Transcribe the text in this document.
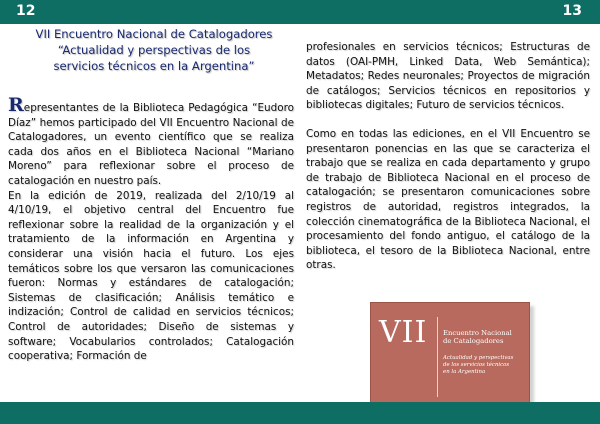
12	13
VII Encuentro Nacional de Catalogadores
“Actualidad y perspectivas de los
servicios técnicos en la Argentina”

Representantes de la Biblioteca Pedagógica “Eudoro Díaz” hemos participado del VII Encuentro Nacional de Catalogadores, un evento científico que se realiza cada dos años en el Biblioteca Nacional “Mariano Moreno” para reflexionar sobre el proceso de catalogación en nuestro país.

En la edición de 2019, realizada del 2/10/19 al 4/10/19, el objetivo central del Encuentro fue reflexionar sobre la realidad de la organización y el tratamiento de la información en Argentina y considerar una visión hacia el futuro. Los ejes temáticos sobre los que versaron las comunicaciones fueron: Normas y estándares de catalogación; Sistemas de clasificación; Análisis temático e indización; Control de calidad en servicios técnicos; Control de autoridades; Diseño de sistemas y software; Vocabularios controlados; Catalogación cooperativa; Formación de

profesionales en servicios técnicos; Estructuras de datos (OAI-PMH, Linked Data, Web Semántica); Metadatos; Redes neuronales; Proyectos de migración de catálogos; Servicios técnicos en repositorios y bibliotecas digitales; Futuro de servicios técnicos.

Como en todas las ediciones, en el VII Encuentro se presentaron ponencias en las que se caracteriza el trabajo que se realiza en cada departamento y grupo de trabajo de Biblioteca Nacional en el proceso de catalogación; se presentaron comunicaciones sobre registros de autoridad, registros integrados, la colección cinematográfica de la Biblioteca Nacional, el procesamiento del fondo antiguo, el catálogo de la biblioteca, el tesoro de la Biblioteca Nacional, entre otras.

VII Encuentro Nacional
de Catalogadores
Actualidad y perspectivas
de los servicios técnicos
en la Argentina
